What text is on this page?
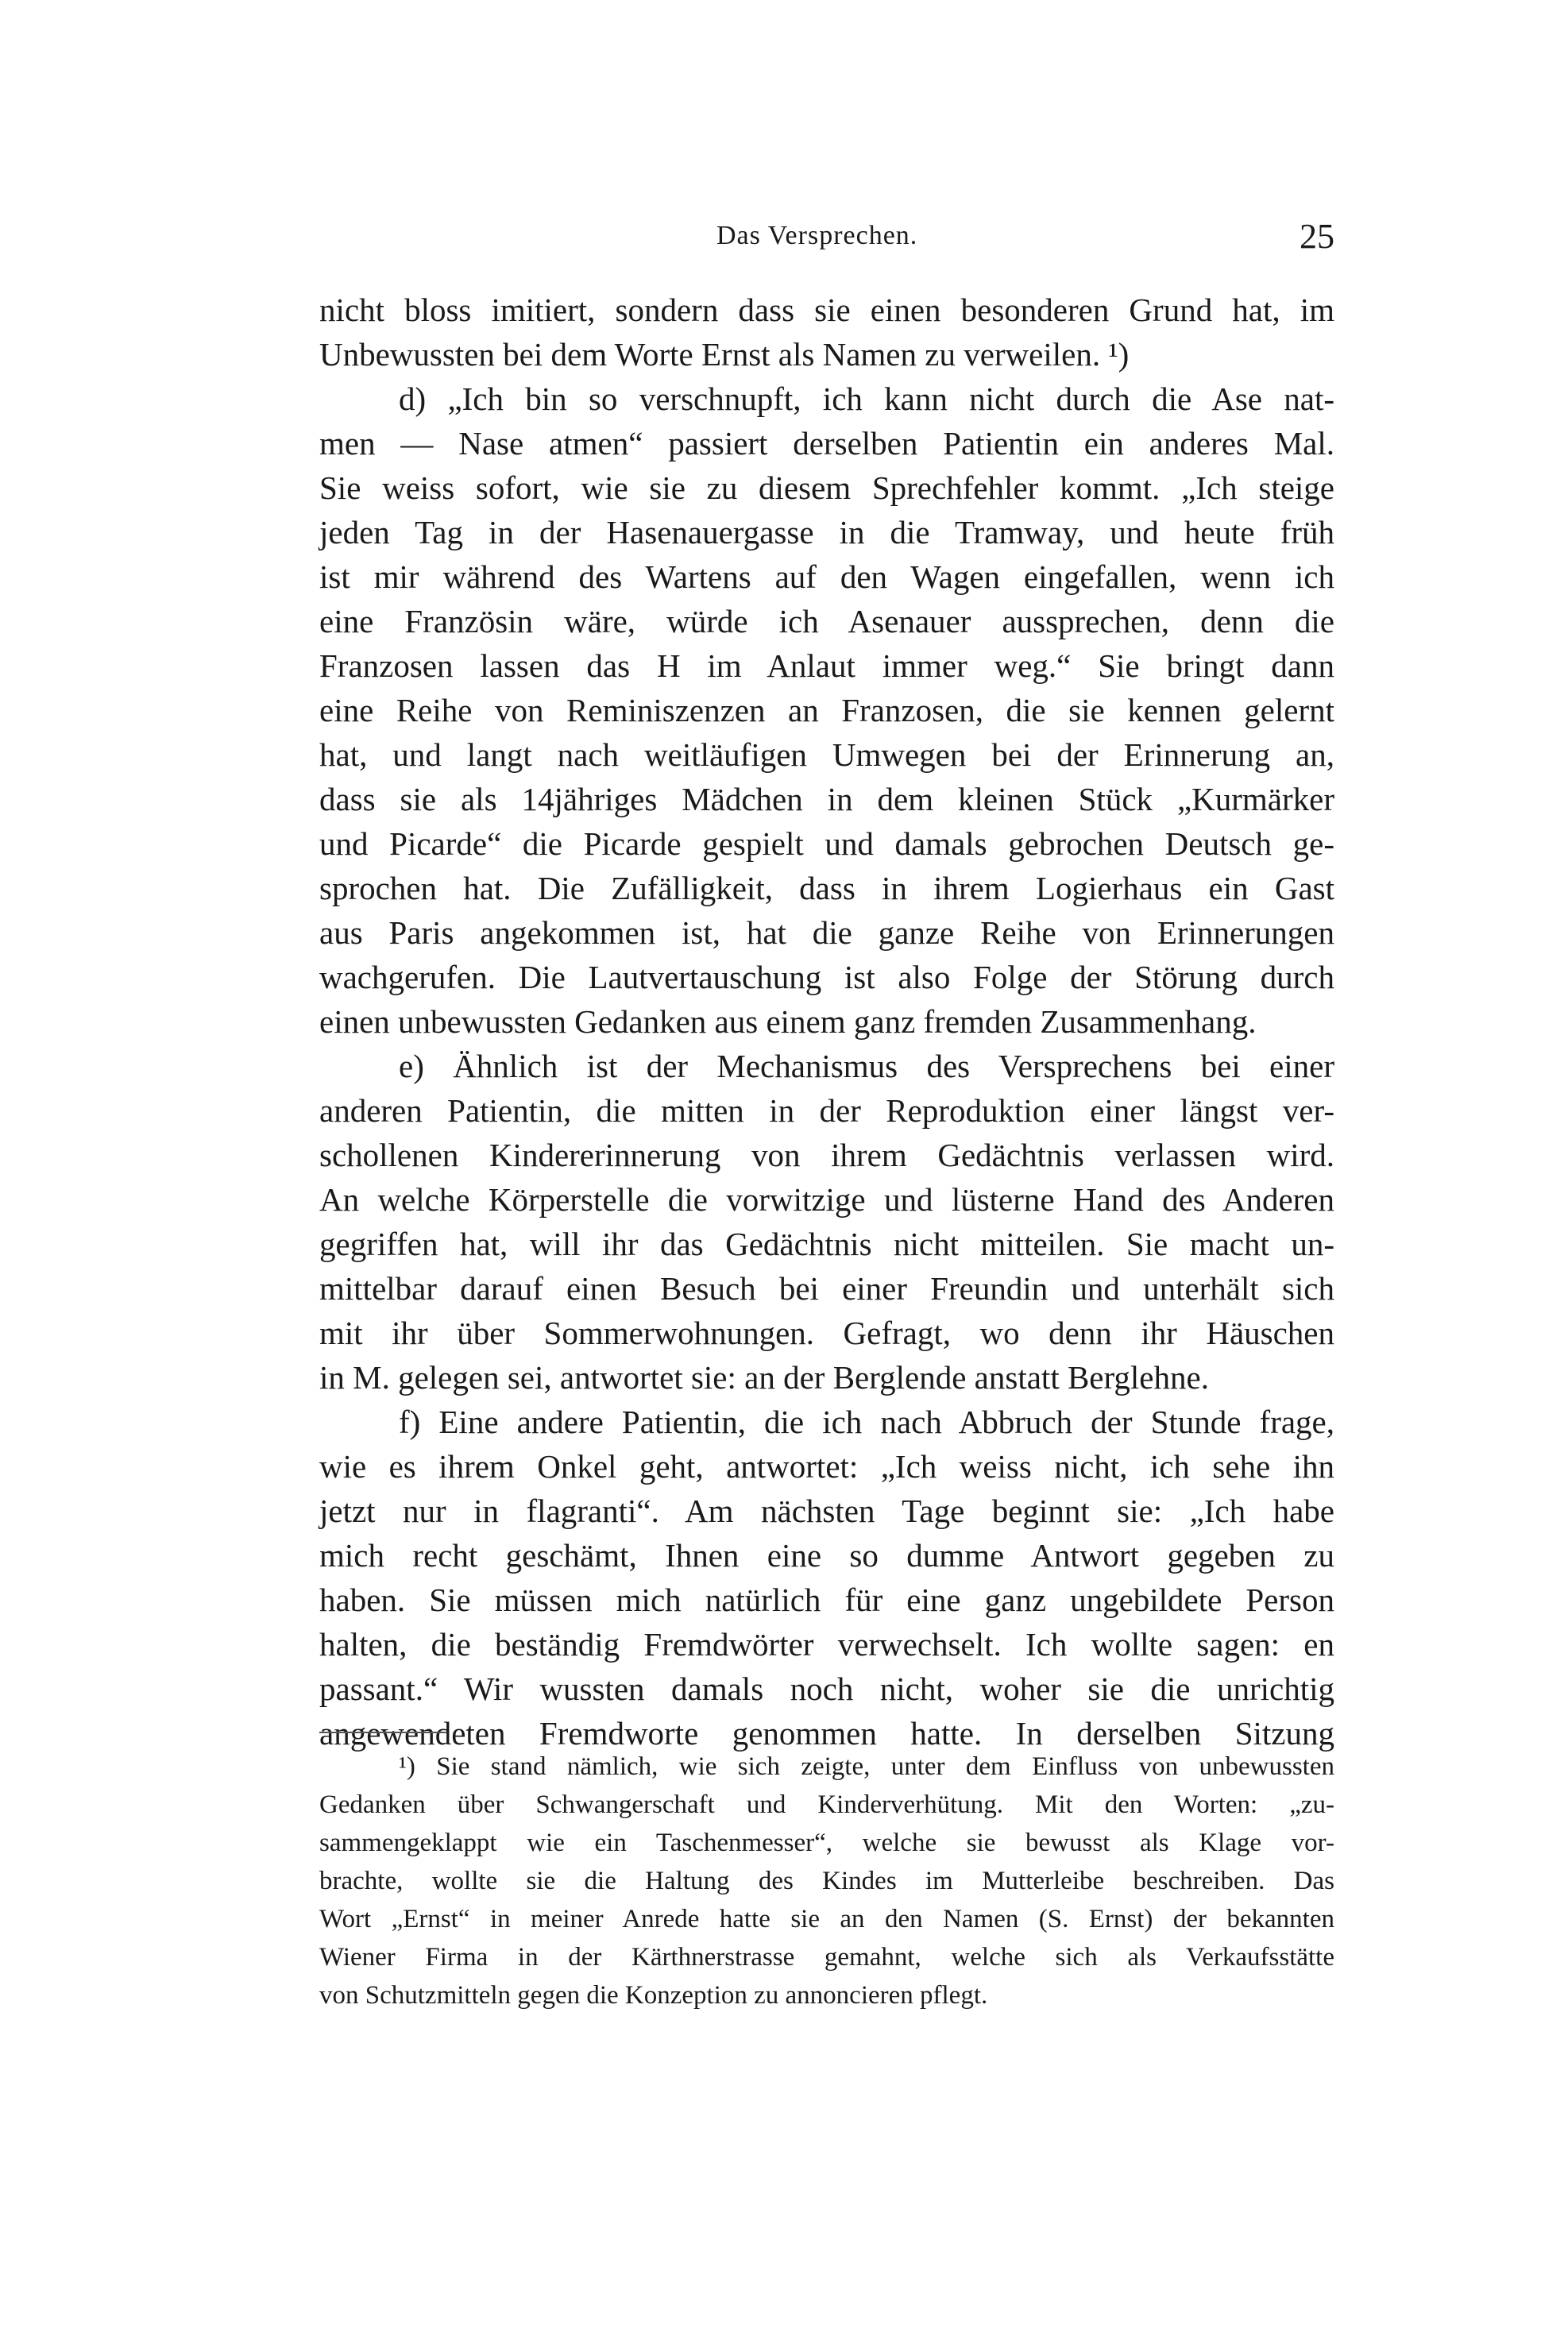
Das Versprechen.	25
nicht bloss imitiert, sondern dass sie einen besonderen Grund hat, im
Unbewussten bei dem Worte Ernst als Namen zu verweilen. ¹)
d) „Ich bin so verschnupft, ich kann nicht durch die Ase nat-
men — Nase atmen“ passiert derselben Patientin ein anderes Mal.
Sie weiss sofort, wie sie zu diesem Sprechfehler kommt. „Ich steige
jeden Tag in der Hasenauergasse in die Tramway, und heute früh
ist mir während des Wartens auf den Wagen eingefallen, wenn ich
eine Französin wäre, würde ich Asenauer aussprechen, denn die
Franzosen lassen das H im Anlaut immer weg.“ Sie bringt dann
eine Reihe von Reminiszenzen an Franzosen, die sie kennen gelernt
hat, und langt nach weitläufigen Umwegen bei der Erinnerung an,
dass sie als 14jähriges Mädchen in dem kleinen Stück „Kurmärker
und Picarde“ die Picarde gespielt und damals gebrochen Deutsch ge-
sprochen hat. Die Zufälligkeit, dass in ihrem Logierhaus ein Gast
aus Paris angekommen ist, hat die ganze Reihe von Erinnerungen
wachgerufen. Die Lautvertauschung ist also Folge der Störung durch
einen unbewussten Gedanken aus einem ganz fremden Zusammenhang.
e) Ähnlich ist der Mechanismus des Versprechens bei einer
anderen Patientin, die mitten in der Reproduktion einer längst ver-
schollenen Kindererinnerung von ihrem Gedächtnis verlassen wird.
An welche Körperstelle die vorwitzige und lüsterne Hand des Anderen
gegriffen hat, will ihr das Gedächtnis nicht mitteilen. Sie macht un-
mittelbar darauf einen Besuch bei einer Freundin und unterhält sich
mit ihr über Sommerwohnungen. Gefragt, wo denn ihr Häuschen
in M. gelegen sei, antwortet sie: an der Berglende anstatt Berglehne.
f) Eine andere Patientin, die ich nach Abbruch der Stunde frage,
wie es ihrem Onkel geht, antwortet: „Ich weiss nicht, ich sehe ihn
jetzt nur in flagranti“. Am nächsten Tage beginnt sie: „Ich habe
mich recht geschämt, Ihnen eine so dumme Antwort gegeben zu
haben. Sie müssen mich natürlich für eine ganz ungebildete Person
halten, die beständig Fremdwörter verwechselt. Ich wollte sagen: en
passant.“ Wir wussten damals noch nicht, woher sie die unrichtig
angewendeten Fremdworte genommen hatte. In derselben Sitzung
¹) Sie stand nämlich, wie sich zeigte, unter dem Einfluss von unbewussten
Gedanken über Schwangerschaft und Kinderverhütung. Mit den Worten: „zu-
sammengeklappt wie ein Taschenmesser“, welche sie bewusst als Klage vor-
brachte, wollte sie die Haltung des Kindes im Mutterleibe beschreiben. Das
Wort „Ernst“ in meiner Anrede hatte sie an den Namen (S. Ernst) der bekannten
Wiener Firma in der Kärthnerstrasse gemahnt, welche sich als Verkaufsstätte
von Schutzmitteln gegen die Konzeption zu annoncieren pflegt.
